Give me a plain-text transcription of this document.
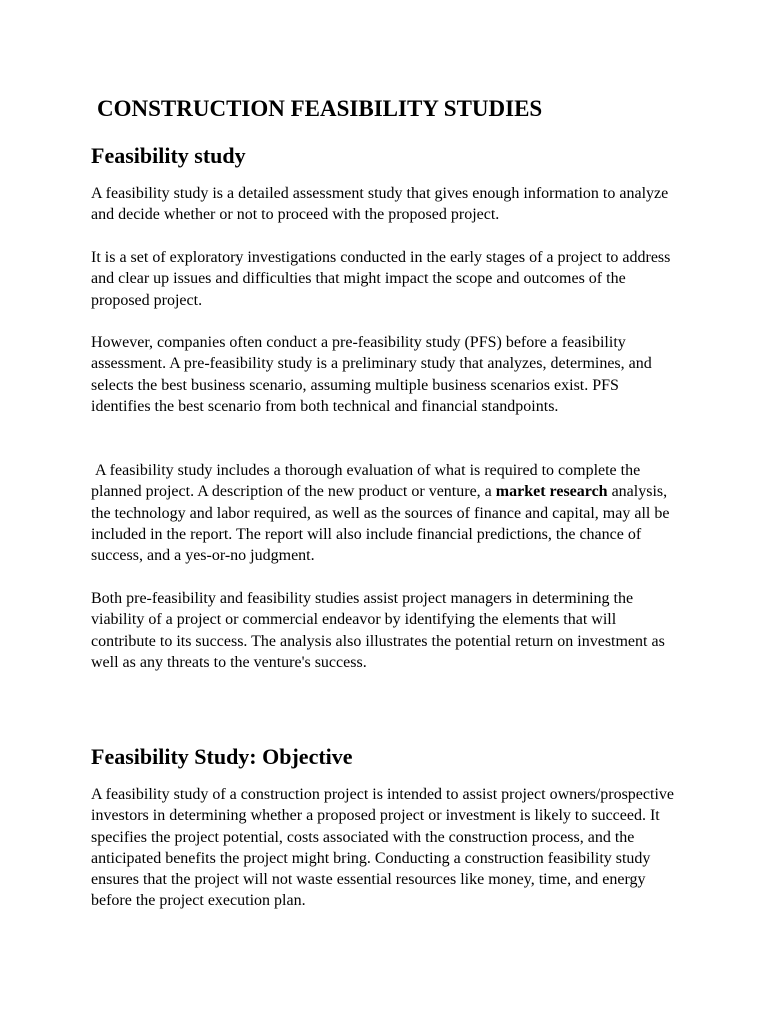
CONSTRUCTION FEASIBILITY STUDIES
Feasibility study

A feasibility study is a detailed assessment study that gives enough information to analyze and decide whether or not to proceed with the proposed project.

It is a set of exploratory investigations conducted in the early stages of a project to address and clear up issues and difficulties that might impact the scope and outcomes of the proposed project.

However, companies often conduct a pre-feasibility study (PFS) before a feasibility assessment. A pre-feasibility study is a preliminary study that analyzes, determines, and selects the best business scenario, assuming multiple business scenarios exist. PFS identifies the best scenario from both technical and financial standpoints.

A feasibility study includes a thorough evaluation of what is required to complete the planned project. A description of the new product or venture, a market research analysis, the technology and labor required, as well as the sources of finance and capital, may all be included in the report. The report will also include financial predictions, the chance of success, and a yes-or-no judgment.

Both pre-feasibility and feasibility studies assist project managers in determining the viability of a project or commercial endeavor by identifying the elements that will contribute to its success. The analysis also illustrates the potential return on investment as well as any threats to the venture's success.

Feasibility Study: Objective

A feasibility study of a construction project is intended to assist project owners/prospective investors in determining whether a proposed project or investment is likely to succeed. It specifies the project potential, costs associated with the construction process, and the anticipated benefits the project might bring. Conducting a construction feasibility study ensures that the project will not waste essential resources like money, time, and energy before the project execution plan.
